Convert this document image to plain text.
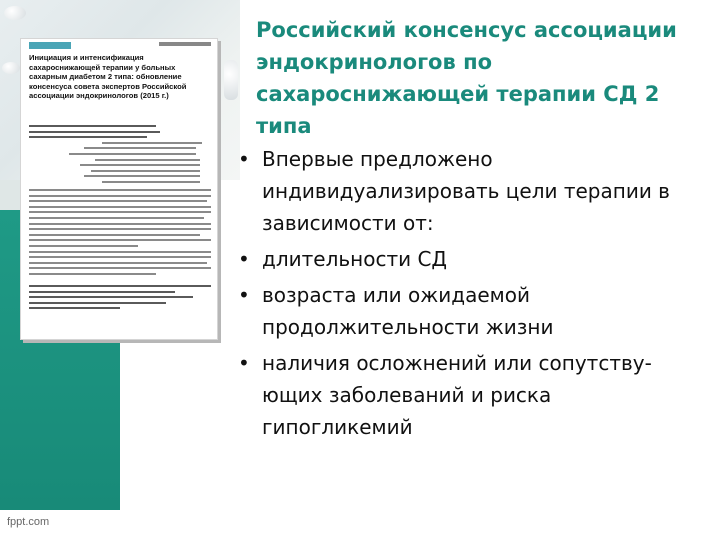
Инициация и интенсификация сахароснижающей терапии у больных сахарным диабетом 2 типа: обновление консенсуса совета экспертов Российской ассоциации эндокринологов (2015 г.)
Российский консенсус ассоциации эндокринологов по сахароснижающей терапии СД 2 типа
• Впервые предложено индивидуализировать цели терапии в зависимости от:
• длительности СД
• возраста или ожидаемой продолжительности жизни
• наличия осложнений или сопутству-ющих заболеваний и риска гипогликемий
fppt.com
